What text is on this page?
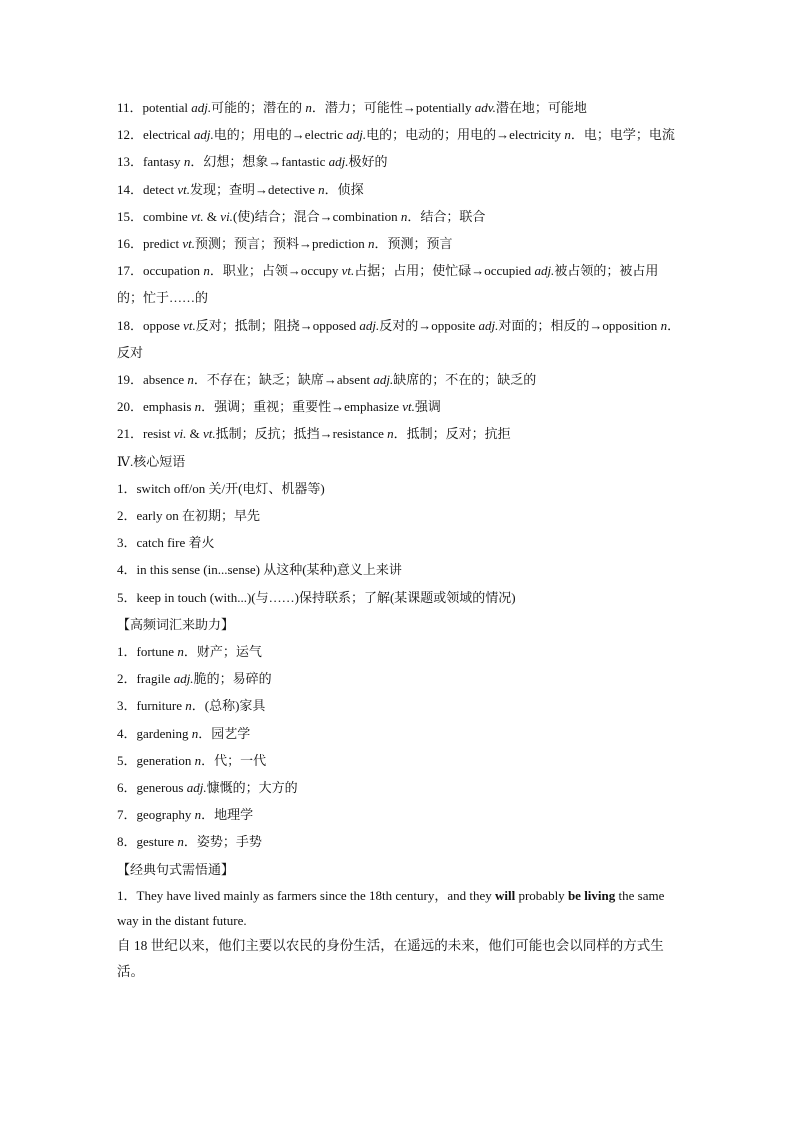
11．potential adj.可能的；潜在的 n．潜力；可能性→potentially adv.潜在地；可能地
12．electrical adj.电的；用电的→electric adj.电的；电动的；用电的→electricity n．电；电学；电流
13．fantasy n．幻想；想象→fantastic adj.极好的
14．detect vt.发现；查明→detective n．侦探
15．combine vt. & vi.(使)结合；混合→combination n．结合；联合
16．predict vt.预测；预言；预料→prediction n．预测；预言
17．occupation n．职业；占领→occupy vt.占据；占用；使忙碌→occupied adj.被占领的；被占用的；忙于……的
18．oppose vt.反对；抵制；阻挠→opposed adj.反对的→opposite adj.对面的；相反的→opposition n．反对
19．absence n．不存在；缺乏；缺席→absent adj.缺席的；不在的；缺乏的
20．emphasis n．强调；重视；重要性→emphasize vt.强调
21．resist vi. & vt.抵制；反抗；抵挡→resistance n．抵制；反对；抗拒
Ⅳ.核心短语
1．switch off/on 关/开(电灯、机器等)
2．early on 在初期；早先
3．catch fire 着火
4．in this sense (in...sense) 从这种(某种)意义上来讲
5．keep in touch (with...)(与……)保持联系；了解(某课题或领域的情况)
【高频词汇来助力】
1．fortune n．财产；运气
2．fragile adj.脆的；易碎的
3．furniture n．(总称)家具
4．gardening n．园艺学
5．generation n．代；一代
6．generous adj.慷慨的；大方的
7．geography n．地理学
8．gesture n．姿势；手势
【经典句式需悟通】
1．They have lived mainly as farmers since the 18th century，and they will probably be living the same way in the distant future.
自 18 世纪以来，他们主要以农民的身份生活，在遥远的未来，他们可能也会以同样的方式生活。
